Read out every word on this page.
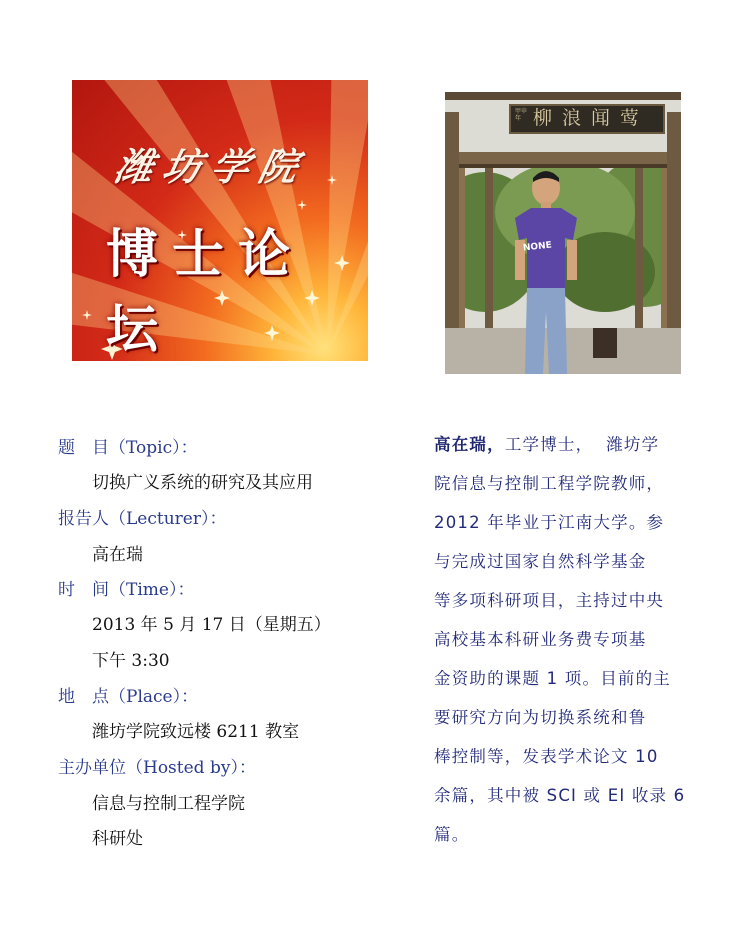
潍坊学院
博士论坛
甲申年 柳浪闻莺
NONE
题　目（Topic）：
切换广义系统的研究及其应用
报告人（Lecturer）：
高在瑞
时　间（Time）：
2013 年 5 月 17 日（星期五）
下午 3:30
地　点（Place）：
潍坊学院致远楼 6211 教室
主办单位（Hosted by）：
信息与控制工程学院
科研处
高在瑞，工学博士，  潍坊学
院信息与控制工程学院教师，
2012 年毕业于江南大学。参
与完成过国家自然科学基金
等多项科研项目，主持过中央
高校基本科研业务费专项基
金资助的课题 1 项。目前的主
要研究方向为切换系统和鲁
棒控制等，发表学术论文 10
余篇，其中被 SCI 或 EI 收录 6
篇。
